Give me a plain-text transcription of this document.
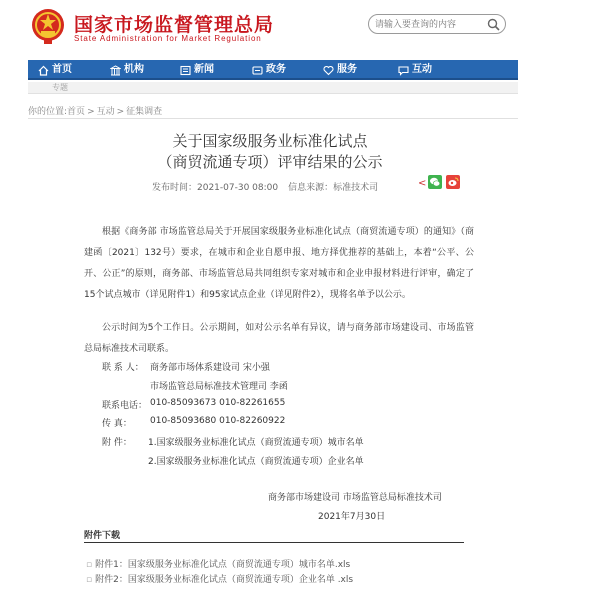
国家市场监督管理总局
State Administration for Market Regulation
请输入要查询的内容
首页	机构	新闻	政务	服务	互动
专题
你的位置:首页 > 互动 > 征集调查
关于国家级服务业标准化试点
（商贸流通专项）评审结果的公示
发布时间：2021-07-30 08:00 信息来源：标准技术司	<

根据《商务部 市场监管总局关于开展国家级服务业标准化试点（商贸流通专项）的通知》（商建函〔2021〕132号）要求，在城市和企业自愿申报、地方择优推荐的基础上，本着“公平、公开、公正”的原则，商务部、市场监管总局共同组织专家对城市和企业申报材料进行评审，确定了15个试点城市（详见附件1）和95家试点企业（详见附件2），现将名单予以公示。

公示时间为5个工作日。公示期间，如对公示名单有异议，请与商务部市场建设司、市场监管总局标准技术司联系。

联 系 人： 商务部市场体系建设司 宋小强
市场监管总局标准技术管理司 李函
联系电话： 010-85093673 010-82261655
传 真： 010-85093680 010-82260922
附 件： 1.国家级服务业标准化试点（商贸流通专项）城市名单
2.国家级服务业标准化试点（商贸流通专项）企业名单
商务部市场建设司 市场监管总局标准技术司
2021年7月30日
附件下载
▫ 附件1：国家级服务业标准化试点（商贸流通专项）城市名单.xls
▫ 附件2：国家级服务业标准化试点（商贸流通专项）企业名单 .xls
